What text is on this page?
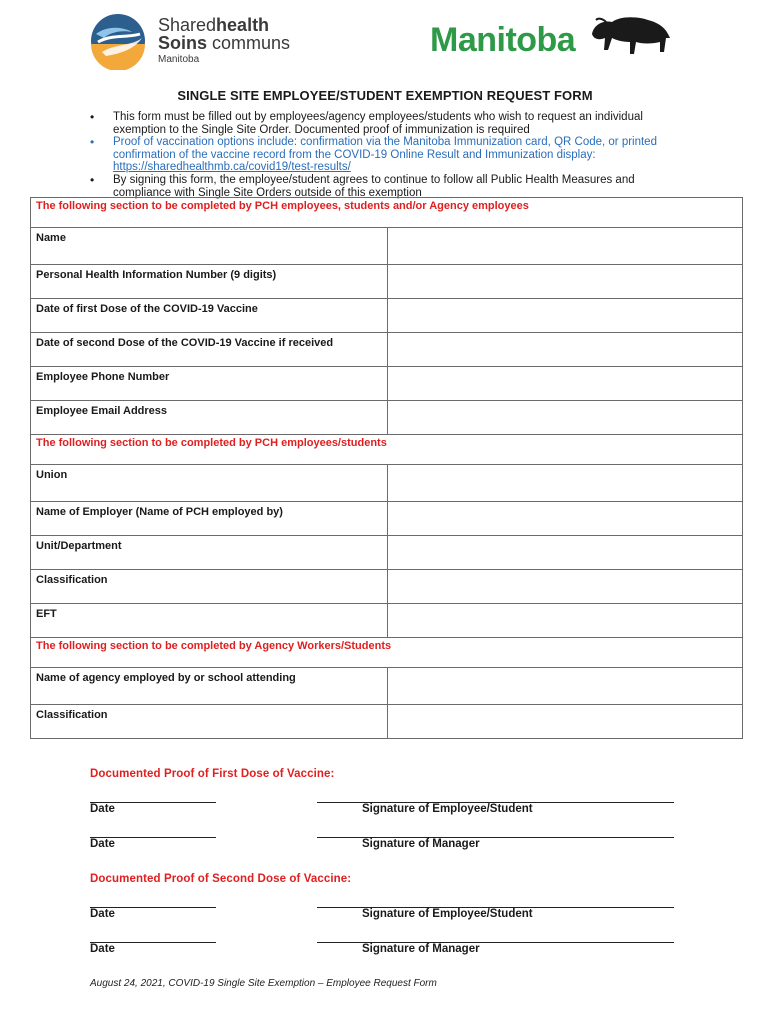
Sharedhealth
Soins communs
Manitoba
Manitoba
SINGLE SITE EMPLOYEE/STUDENT EXEMPTION REQUEST FORM
• This form must be filled out by employees/agency employees/students who wish to request an individual exemption to the Single Site Order. Documented proof of immunization is required
• Proof of vaccination options include: confirmation via the Manitoba Immunization card, QR Code, or printed confirmation of the vaccine record from the COVID-19 Online Result and Immunization display: https://sharedhealthmb.ca/covid19/test-results/
• By signing this form, the employee/student agrees to continue to follow all Public Health Measures and compliance with Single Site Orders outside of this exemption
The following section to be completed by PCH employees, students and/or Agency employees	
Name	
Personal Health Information Number (9 digits)	
Date of first Dose of the COVID-19 Vaccine	
Date of second Dose of the COVID-19 Vaccine if received	
Employee Phone Number	
Employee Email Address	
The following section to be completed by PCH employees/students	
Union	
Name of Employer (Name of PCH employed by)	
Unit/Department	
Classification	
EFT	
The following section to be completed by Agency Workers/Students	
Name of agency employed by or school attending	
Classification	
Documented Proof of First Dose of Vaccine:
Date	Signature of Employee/Student
Date	Signature of Manager
Documented Proof of Second Dose of Vaccine:
Date	Signature of Employee/Student
Date	Signature of Manager
August 24, 2021, COVID-19 Single Site Exemption – Employee Request Form
